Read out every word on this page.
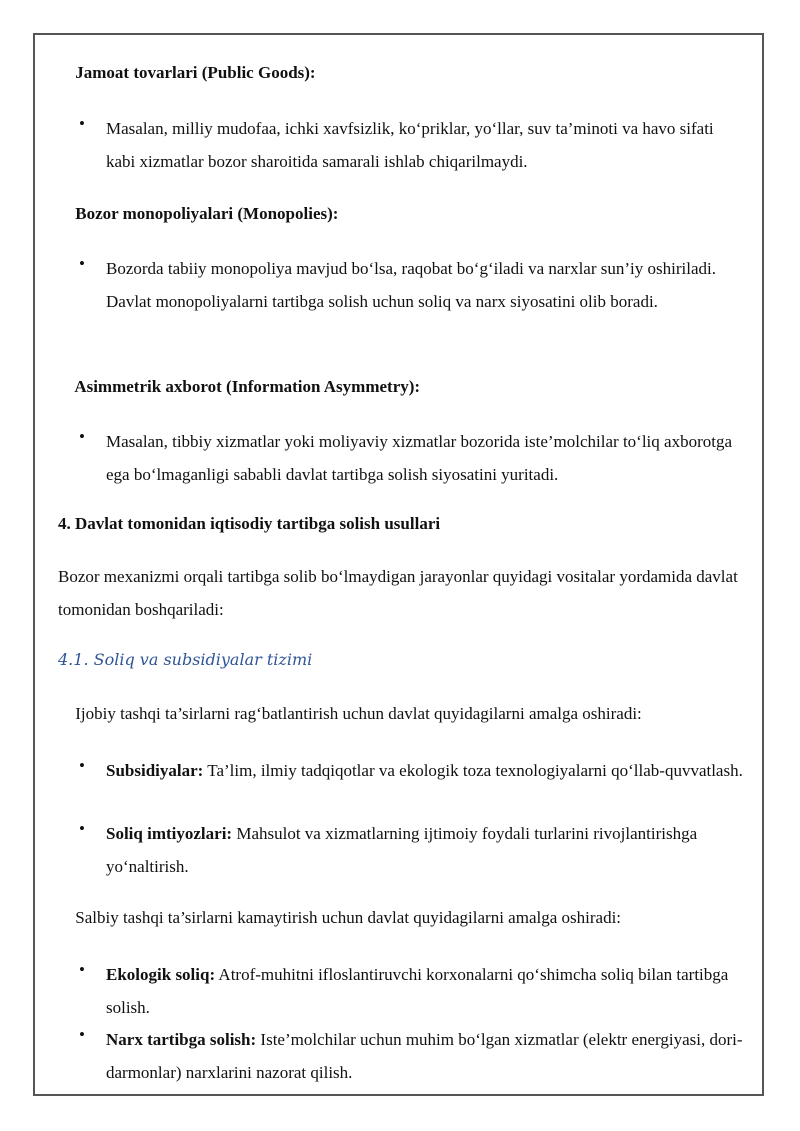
Jamoat tovarlari (Public Goods):
• Masalan, milliy mudofaa, ichki xavfsizlik, ko‘priklar, yo‘llar, suv ta’minoti va havo sifati kabi xizmatlar bozor sharoitida samarali ishlab chiqarilmaydi.
Bozor monopoliyalari (Monopolies):
• Bozorda tabiiy monopoliya mavjud bo‘lsa, raqobat bo‘g‘iladi va narxlar sun’iy oshiriladi. Davlat monopoliyalarni tartibga solish uchun soliq va narx siyosatini olib boradi.
Asimmetrik axborot (Information Asymmetry):
• Masalan, tibbiy xizmatlar yoki moliyaviy xizmatlar bozorida iste’molchilar to‘liq axborotga ega bo‘lmaganligi sababli davlat tartibga solish siyosatini yuritadi.
4. Davlat tomonidan iqtisodiy tartibga solish usullari
Bozor mexanizmi orqali tartibga solib bo‘lmaydigan jarayonlar quyidagi vositalar yordamida davlat tomonidan boshqariladi:
4.1. Soliq va subsidiyalar tizimi
Ijobiy tashqi ta’sirlarni rag‘batlantirish uchun davlat quyidagilarni amalga oshiradi:
• Subsidiyalar: Ta’lim, ilmiy tadqiqotlar va ekologik toza texnologiyalarni qo‘llab-quvvatlash.
• Soliq imtiyozlari: Mahsulot va xizmatlarning ijtimoiy foydali turlarini rivojlantirishga yo‘naltirish.
Salbiy tashqi ta’sirlarni kamaytirish uchun davlat quyidagilarni amalga oshiradi:
• Ekologik soliq: Atrof-muhitni ifloslantiruvchi korxonalarni qo‘shimcha soliq bilan tartibga solish.
• Narx tartibga solish: Iste’molchilar uchun muhim bo‘lgan xizmatlar (elektr energiyasi, dori-darmonlar) narxlarini nazorat qilish.
